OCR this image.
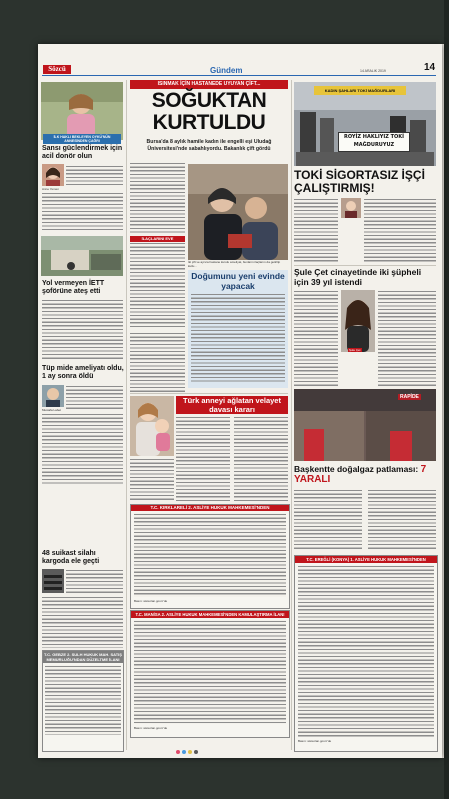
Sözcü	Gündem	14 ARALIK 2019	14
İLK HAKLI BEKLEYEN OYKÜ'NÜN ANNESİNDEN ÇAĞRI
Sansı güclendirmek için acil donör olun
Anne Yemen
Yol vermeyen İETT şoförüne ateş etti
Tüp mide ameliyatı oldu, 1 ay sonra öldü
Mustafa Labet
48 suikast silahı kargoda ele geçti
T.C. GEBZE 2. SULH HUKUK MAH. SATIŞ MEMURLUĞU'NDAN DÜZELTME İLANI
ISINMAK İÇİN HASTANEDE UYUYAN ÇİFT...
SOĞUKTAN KURTULDU
Bursa'da 8 aylık hamile kadın ile engelli eşi Uludağ Üniversitesi'nde sabahlıyordu. Bakanlık çift gördü
İLAÇLARINI EVE
İki çift ve ayrıca hastane kurulu ameliyat, bunların ilaçlarını da getirilip kutlu...
Doğumunu yeni evinde yapacak
Türk anneyi ağlatan velayet davası kararı
T.C. KIRKLARELİ 2. ASLİYE HUKUK MAHKEMESİ'NDEN
Basın: www.ilan.gov.tr'de
T.C. MANİSA 2. ASLİYE HUKUK MAHKEMESİ'NDEN KAMULAŞTIRMA İLANI
Basın: www.ilan.gov.tr'de
KADIN ŞAHLARI TOKİ MAĞDURLARI
ROYİZ HAKLIYIZ TOKİ MAĞDURUYUZ
TOKİ SİGORTASIZ İŞÇİ ÇALIŞTIRMIŞ!
Şule Çet cinayetinde iki şüpheli için 39 yıl istendi
Şule Çet
RAPİDE
Başkentte doğalgaz patlaması: 7 YARALI
T.C. EREĞLİ (KONYA) 1. ASLİYE HUKUK MAHKEMESİ'NDEN
Basın: www.ilan.gov.tr'de
